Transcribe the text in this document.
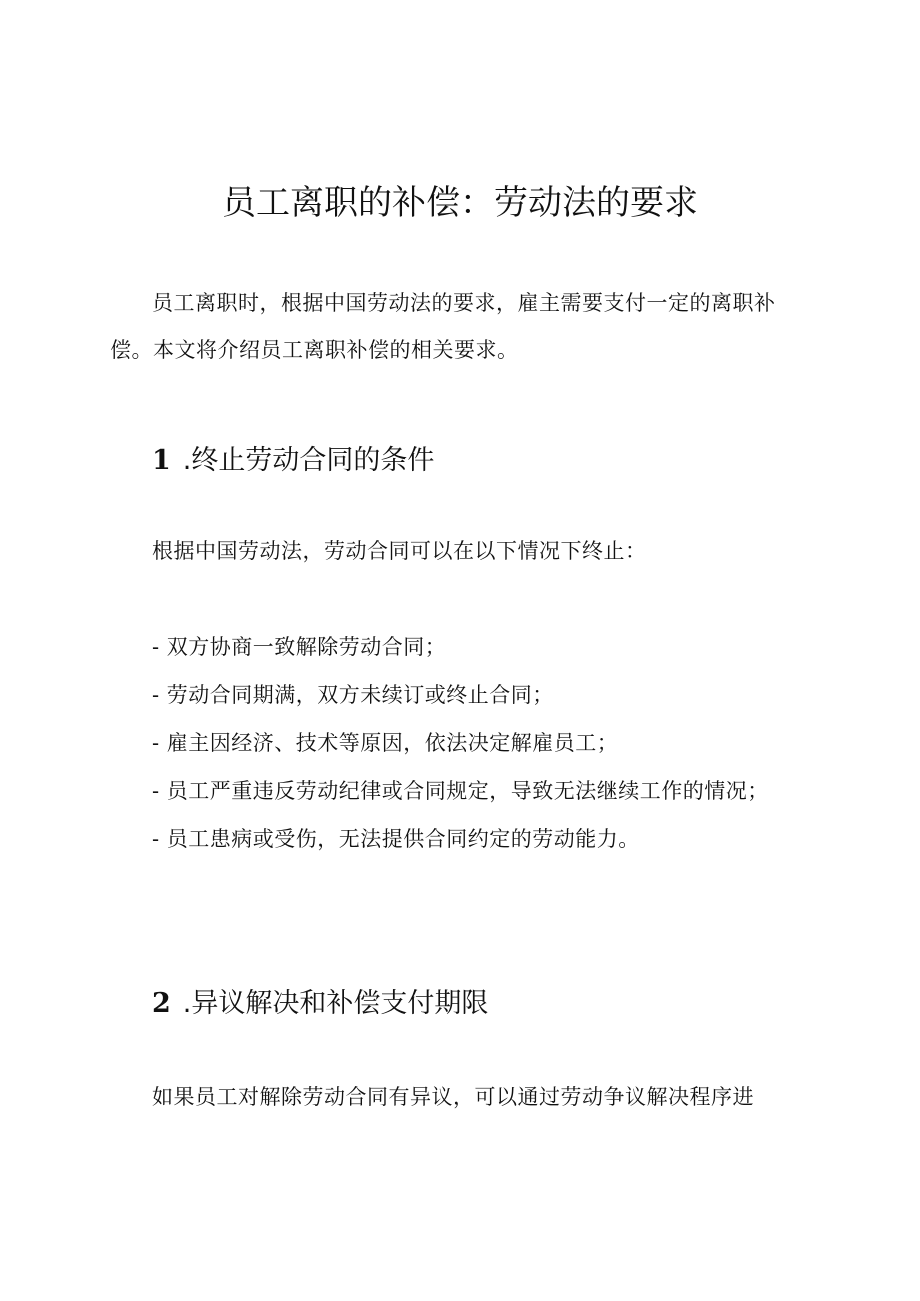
员工离职的补偿：劳动法的要求

员工离职时，根据中国劳动法的要求，雇主需要支付一定的离职补偿。本文将介绍员工离职补偿的相关要求。

1 .终止劳动合同的条件

根据中国劳动法，劳动合同可以在以下情况下终止：

- 双方协商一致解除劳动合同；
- 劳动合同期满，双方未续订或终止合同；
- 雇主因经济、技术等原因，依法决定解雇员工；
- 员工严重违反劳动纪律或合同规定，导致无法继续工作的情况；
- 员工患病或受伤，无法提供合同约定的劳动能力。
2 .异议解决和补偿支付期限

如果员工对解除劳动合同有异议，可以通过劳动争议解决程序进
